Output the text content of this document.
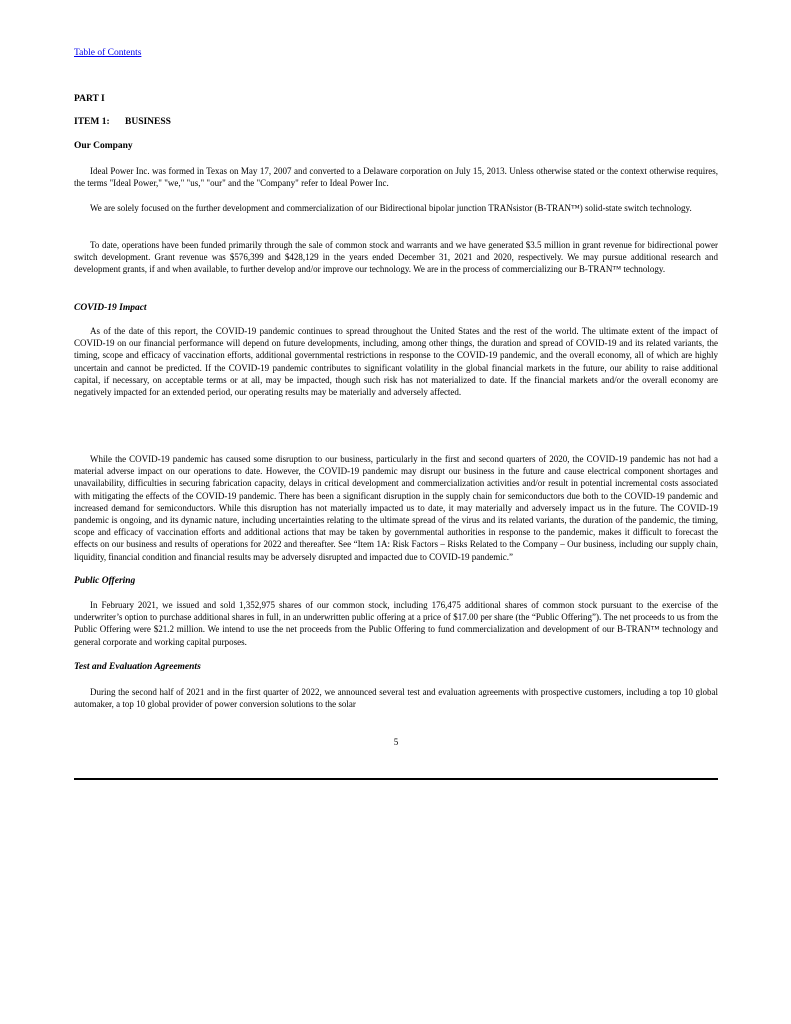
Table of Contents
PART I
ITEM 1: BUSINESS
Our Company

Ideal Power Inc. was formed in Texas on May 17, 2007 and converted to a Delaware corporation on July 15, 2013. Unless otherwise stated or the context otherwise requires, the terms "Ideal Power," "we," "us," "our" and the "Company" refer to Ideal Power Inc.

We are solely focused on the further development and commercialization of our Bidirectional bipolar junction TRANsistor (B-TRAN™) solid-state switch technology.

To date, operations have been funded primarily through the sale of common stock and warrants and we have generated $3.5 million in grant revenue for bidirectional power switch development. Grant revenue was $576,399 and $428,129 in the years ended December 31, 2021 and 2020, respectively. We may pursue additional research and development grants, if and when available, to further develop and/or improve our technology. We are in the process of commercializing our B-TRAN™ technology.

COVID-19 Impact

As of the date of this report, the COVID-19 pandemic continues to spread throughout the United States and the rest of the world. The ultimate extent of the impact of COVID-19 on our financial performance will depend on future developments, including, among other things, the duration and spread of COVID-19 and its related variants, the timing, scope and efficacy of vaccination efforts, additional governmental restrictions in response to the COVID-19 pandemic, and the overall economy, all of which are highly uncertain and cannot be predicted. If the COVID-19 pandemic contributes to significant volatility in the global financial markets in the future, our ability to raise additional capital, if necessary, on acceptable terms or at all, may be impacted, though such risk has not materialized to date. If the financial markets and/or the overall economy are negatively impacted for an extended period, our operating results may be materially and adversely affected.

While the COVID-19 pandemic has caused some disruption to our business, particularly in the first and second quarters of 2020, the COVID-19 pandemic has not had a material adverse impact on our operations to date. However, the COVID-19 pandemic may disrupt our business in the future and cause electrical component shortages and unavailability, difficulties in securing fabrication capacity, delays in critical development and commercialization activities and/or result in potential incremental costs associated with mitigating the effects of the COVID-19 pandemic. There has been a significant disruption in the supply chain for semiconductors due both to the COVID-19 pandemic and increased demand for semiconductors. While this disruption has not materially impacted us to date, it may materially and adversely impact us in the future. The COVID-19 pandemic is ongoing, and its dynamic nature, including uncertainties relating to the ultimate spread of the virus and its related variants, the duration of the pandemic, the timing, scope and efficacy of vaccination efforts and additional actions that may be taken by governmental authorities in response to the pandemic, makes it difficult to forecast the effects on our business and results of operations for 2022 and thereafter. See “Item 1A: Risk Factors – Risks Related to the Company – Our business, including our supply chain, liquidity, financial condition and financial results may be adversely disrupted and impacted due to COVID-19 pandemic.”

Public Offering

In February 2021, we issued and sold 1,352,975 shares of our common stock, including 176,475 additional shares of common stock pursuant to the exercise of the underwriter’s option to purchase additional shares in full, in an underwritten public offering at a price of $17.00 per share (the “Public Offering”). The net proceeds to us from the Public Offering were $21.2 million. We intend to use the net proceeds from the Public Offering to fund commercialization and development of our B-TRAN™ technology and general corporate and working capital purposes.

Test and Evaluation Agreements

During the second half of 2021 and in the first quarter of 2022, we announced several test and evaluation agreements with prospective customers, including a top 10 global automaker, a top 10 global provider of power conversion solutions to the solar

5
